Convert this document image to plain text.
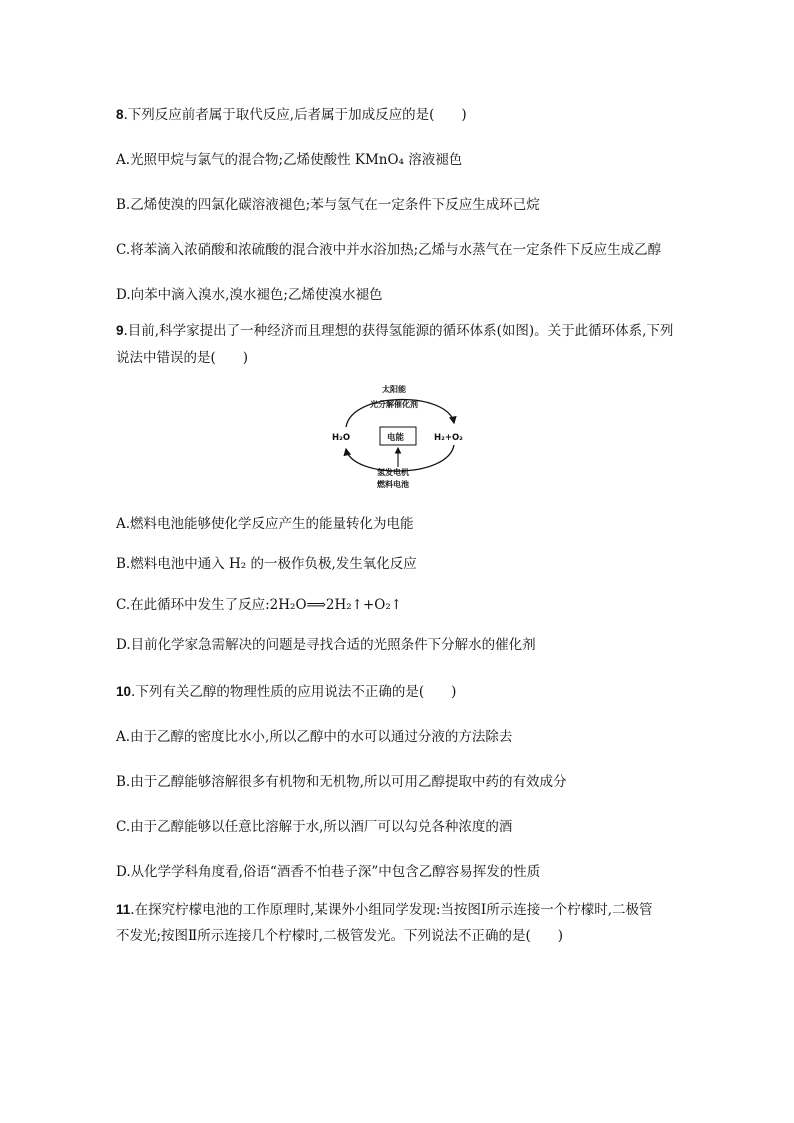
8.下列反应前者属于取代反应,后者属于加成反应的是(　　)
A.光照甲烷与氯气的混合物;乙烯使酸性 KMnO₄ 溶液褪色
B.乙烯使溴的四氯化碳溶液褪色;苯与氢气在一定条件下反应生成环己烷
C.将苯滴入浓硝酸和浓硫酸的混合液中并水浴加热;乙烯与水蒸气在一定条件下反应生成乙醇
D.向苯中滴入溴水,溴水褪色;乙烯使溴水褪色
9.目前,科学家提出了一种经济而且理想的获得氢能源的循环体系(如图)。关于此循环体系,下列
说法中错误的是(　　)
太阳能
光分解催化剂
H₂O	H₂+O₂
电能
氢发电机
燃料电池
A.燃料电池能够使化学反应产生的能量转化为电能
B.燃料电池中通入 H₂ 的一极作负极,发生氧化反应
C.在此循环中发生了反应:2H₂O⟹2H₂↑+O₂↑
D.目前化学家急需解决的问题是寻找合适的光照条件下分解水的催化剂
10.下列有关乙醇的物理性质的应用说法不正确的是(　　)
A.由于乙醇的密度比水小,所以乙醇中的水可以通过分液的方法除去
B.由于乙醇能够溶解很多有机物和无机物,所以可用乙醇提取中药的有效成分
C.由于乙醇能够以任意比溶解于水,所以酒厂可以勾兑各种浓度的酒
D.从化学学科角度看,俗语“酒香不怕巷子深”中包含乙醇容易挥发的性质
11.在探究柠檬电池的工作原理时,某课外小组同学发现:当按图Ⅰ所示连接一个柠檬时,二极管
不发光;按图Ⅱ所示连接几个柠檬时,二极管发光。下列说法不正确的是(　　)
